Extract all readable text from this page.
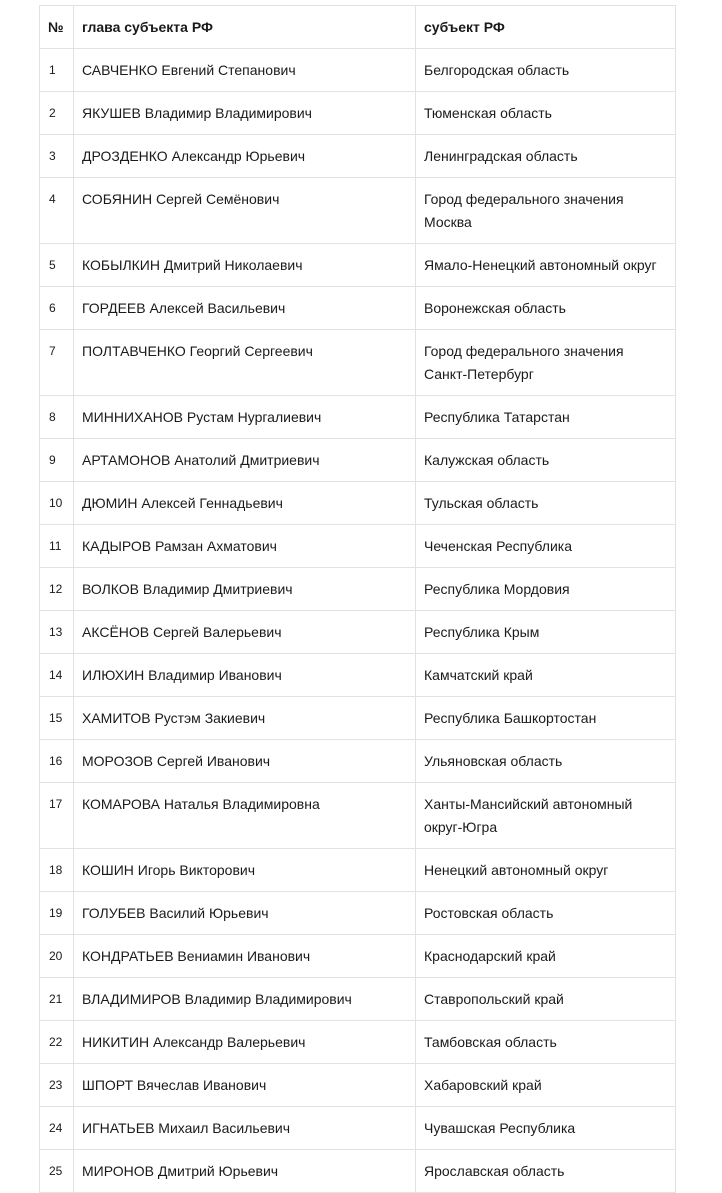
№	глава субъекта РФ	субъект РФ
1	САВЧЕНКО Евгений Степанович	Белгородская область
2	ЯКУШЕВ Владимир Владимирович	Тюменская область
3	ДРОЗДЕНКО Александр Юрьевич	Ленинградская область
4	СОБЯНИН Сергей Семёнович	Город федерального значения Москва
5	КОБЫЛКИН Дмитрий Николаевич	Ямало-Ненецкий автономный округ
6	ГОРДЕЕВ Алексей Васильевич	Воронежская область
7	ПОЛТАВЧЕНКО Георгий Сергеевич	Город федерального значения Санкт-Петербург
8	МИННИХАНОВ Рустам Нургалиевич	Республика Татарстан
9	АРТАМОНОВ Анатолий Дмитриевич	Калужская область
10	ДЮМИН Алексей Геннадьевич	Тульская область
11	КАДЫРОВ Рамзан Ахматович	Чеченская Республика
12	ВОЛКОВ Владимир Дмитриевич	Республика Мордовия
13	АКСЁНОВ Сергей Валерьевич	Республика Крым
14	ИЛЮХИН Владимир Иванович	Камчатский край
15	ХАМИТОВ Рустэм Закиевич	Республика Башкортостан
16	МОРОЗОВ Сергей Иванович	Ульяновская область
17	КОМАРОВА Наталья Владимировна	Ханты-Мансийский автономный округ-Югра
18	КОШИН Игорь Викторович	Ненецкий автономный округ
19	ГОЛУБЕВ Василий Юрьевич	Ростовская область
20	КОНДРАТЬЕВ Вениамин Иванович	Краснодарский край
21	ВЛАДИМИРОВ Владимир Владимирович	Ставропольский край
22	НИКИТИН Александр Валерьевич	Тамбовская область
23	ШПОРТ Вячеслав Иванович	Хабаровский край
24	ИГНАТЬЕВ Михаил Васильевич	Чувашская Республика
25	МИРОНОВ Дмитрий Юрьевич	Ярославская область
